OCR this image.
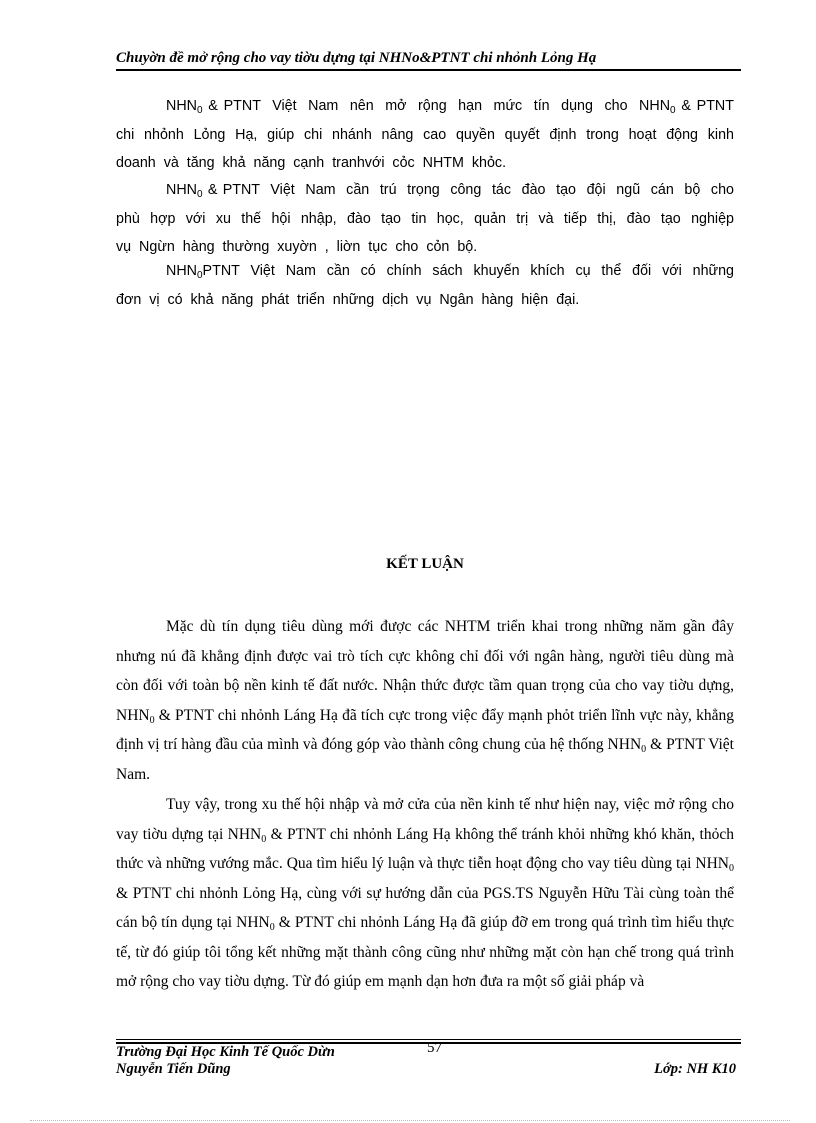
Chuyờn đề mở rộng cho vay tiờu dựng tại NHNo&PTNT chi nhỏnh Lỏng Hạ
$NHN_0$ & PTNT  Việt  Nam  nên  mở  rộng  hạn  mức  tín  dụng  cho  $NHN_0$ & PTNT
chi  nhỏnh  Lỏng  Hạ,  giúp  chi  nhánh  nâng  cao  quyền  quyết  định  trong  hoạt  động  kinh
doanh  và  tăng  khả  năng  cạnh  tranhvới  cỏc  NHTM  khỏc.
$NHN_0$ & PTNT  Việt  Nam  cần  trú  trọng  công  tác  đào  tạo  đội  ngũ  cán  bộ  cho
phù  hợp  với  xu  thế  hội  nhập,  đào  tạo  tin  học,  quản  trị  và  tiếp  thị,  đào  tạo  nghiệp
vụ  Ngừn  hàng  thường  xuyờn  ,  liờn  tục  cho  cỏn  bộ.
$NHN_0PTNT$  Việt  Nam  cần  có  chính  sách  khuyến  khích  cụ  thể  đối  với  những
đơn  vị  có  khả  năng  phát  triển  những  dịch  vụ  Ngân  hàng  hiện  đại.
KẾT LUẬN
Mặc dù tín dụng tiêu dùng mới được các NHTM triển khai trong những năm gần đây nhưng nú đã khẳng định được vai trò tích cực không chỉ đối với ngân hàng, người tiêu dùng mà còn đối với toàn bộ nền kinh tế đất nước. Nhận thức được tầm quan trọng của cho vay tiờu dựng, $NHN_0$ & PTNT chi nhỏnh Láng Hạ đã tích cực trong việc đẩy mạnh phỏt triển lĩnh vực này, khẳng định vị trí hàng đầu của mình và đóng góp vào thành công chung của hệ thống $NHN_0$ & PTNT Việt Nam.
Tuy vậy, trong xu thế hội nhập và mở cửa của nền kinh tế như hiện nay, việc mở rộng cho vay tiờu dựng tại $NHN_0$ & PTNT chi nhỏnh Láng Hạ không thể tránh khỏi những khó khăn, thỏch thức và những vướng mắc. Qua tìm hiểu lý luận và thực tiễn hoạt động cho vay tiêu dùng tại $NHN_0$ & PTNT chi nhỏnh Lỏng Hạ, cùng với sự hướng dẫn của PGS.TS Nguyễn Hữu Tài cùng toàn thể cán bộ tín dụng tại $NHN_0$ & PTNT chi nhỏnh Láng Hạ đã giúp đỡ em trong quá trình tìm hiểu thực tế, từ đó giúp tôi tổng kết những mặt thành công cũng như những mặt còn hạn chế trong quá trình mở rộng cho vay tiờu dựng. Từ đó giúp em mạnh dạn hơn đưa ra một số giải pháp và
Trường Đại Học Kinh Tế Quốc Dừn	57
Nguyễn Tiến Dũng	Lớp: NH K10
